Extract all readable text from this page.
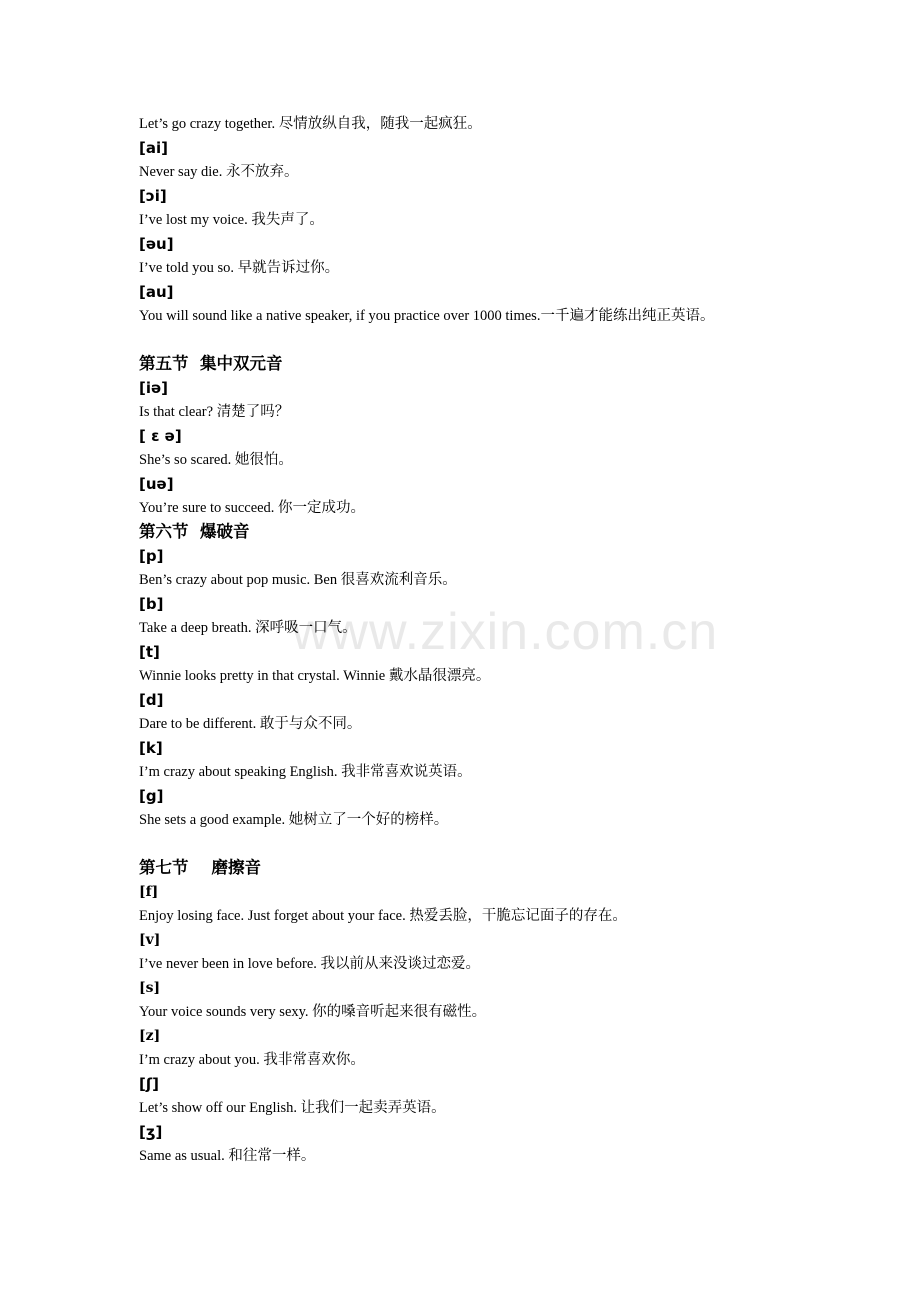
www.zixin.com.cn
Let’s go crazy together. 尽情放纵自我，随我一起疯狂。
[ai]
Never say die. 永不放弃。
[ɔi]
I’ve lost my voice. 我失声了。
[əu]
I’ve told you so. 早就告诉过你。
[au]
You will sound like a native speaker, if you practice over 1000 times.一千遍才能练出纯正英语。
第五节  集中双元音
[iə]
Is that clear? 清楚了吗？
[ ɛ ə]
She’s so scared. 她很怕。
[uə]
You’re sure to succeed. 你一定成功。
第六节  爆破音
[p]
Ben’s crazy about pop music. Ben 很喜欢流利音乐。
[b]
Take a deep breath. 深呼吸一口气。
[t]
Winnie looks pretty in that crystal. Winnie 戴水晶很漂亮。
[d]
Dare to be different. 敢于与众不同。
[k]
I’m crazy about speaking English. 我非常喜欢说英语。
[g]
She sets a good example. 她树立了一个好的榜样。
第七节    磨擦音
[f]
Enjoy losing face. Just forget about your face. 热爱丢脸，干脆忘记面子的存在。
[v]
I’ve never been in love before. 我以前从来没谈过恋爱。
[s]
Your voice sounds very sexy. 你的嗓音听起来很有磁性。
[z]
I’m crazy about you. 我非常喜欢你。
[ʃ]
Let’s show off our English. 让我们一起卖弄英语。
[ʒ]
Same as usual. 和往常一样。
